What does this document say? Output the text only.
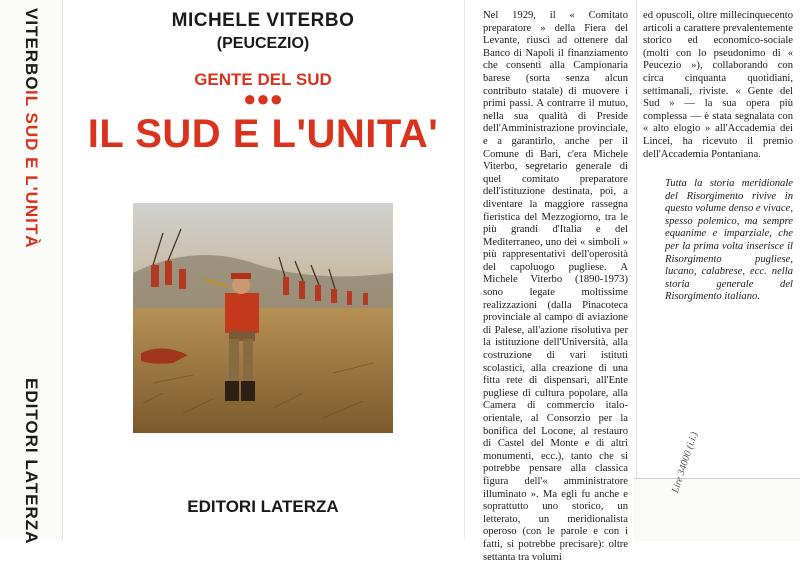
VITERBO
IL SUD E L'UNITÀ
EDITORI LATERZA
MICHELE VITERBO
(PEUCEZIO)
GENTE DEL SUD
●●●
IL SUD E L'UNITA'
EDITORI LATERZA
Nel 1929, il « Comitato preparatore » della Fiera del Levante, riuscì ad ottenere dal Banco di Napoli il finanziamento che consentì alla Campionaria barese (sorta senza alcun contributo statale) di muovere i primi passi. A contrarre il mutuo, nella sua qualità di Preside dell'Amministrazione provinciale, e a garantirlo, anche per il Comune di Bari, c'era Michele Viterbo, segretario generale di quel comitato preparatore dell'istituzione destinata, poi, a diventare la maggiore rassegna fieristica del Mezzogiorno, tra le più grandi d'Italia e del Mediterraneo, uno dei « simboli » più rappresentativi dell'operosità del capoluogo pugliese. A Michele Viterbo (1890-1973) sono legate moltissime realizzazioni (dalla Pinacoteca provinciale al campo di aviazione di Palese, all'azione risolutiva per la istituzione dell'Università, alla costruzione di vari istituti scolastici, alla creazione di una fitta rete di dispensari, all'Ente pugliese di cultura popolare, alla Camera di commercio italo-orientale, al Consorzio per la bonifica del Locone, al restauro di Castel del Monte e di altri monumenti, ecc.), tanto che si potrebbe pensare alla classica figura dell'« amministratore illuminato ». Ma egli fu anche e soprattutto uno storico, un letterato, un meridionalista operoso (con le parole e con i fatti, si potrebbe precisare): oltre settanta tra volumi
ed opuscoli, oltre millecinquecento articoli a carattere prevalentemente storico ed economico-sociale (molti con lo pseudonimo di « Peucezio »), collaborando con circa cinquanta quotidiani, settimanali, riviste. « Gente del Sud » — la sua opera più complessa — è stata segnalata con « alto elogio » all'Accademia dei Lincei, ha ricevuto il premio dell'Accademia Pontaniana.
Tutta la storia meridionale del Risorgimento rivive in questo volume denso e vivace, spesso polemico, ma sempre equanime e imparziale, che per la prima volta inserisce il Risorgimento pugliese, lucano, calabrese, ecc. nella storia generale del Risorgimento italiano.
Lire 34000 (i.i.)
